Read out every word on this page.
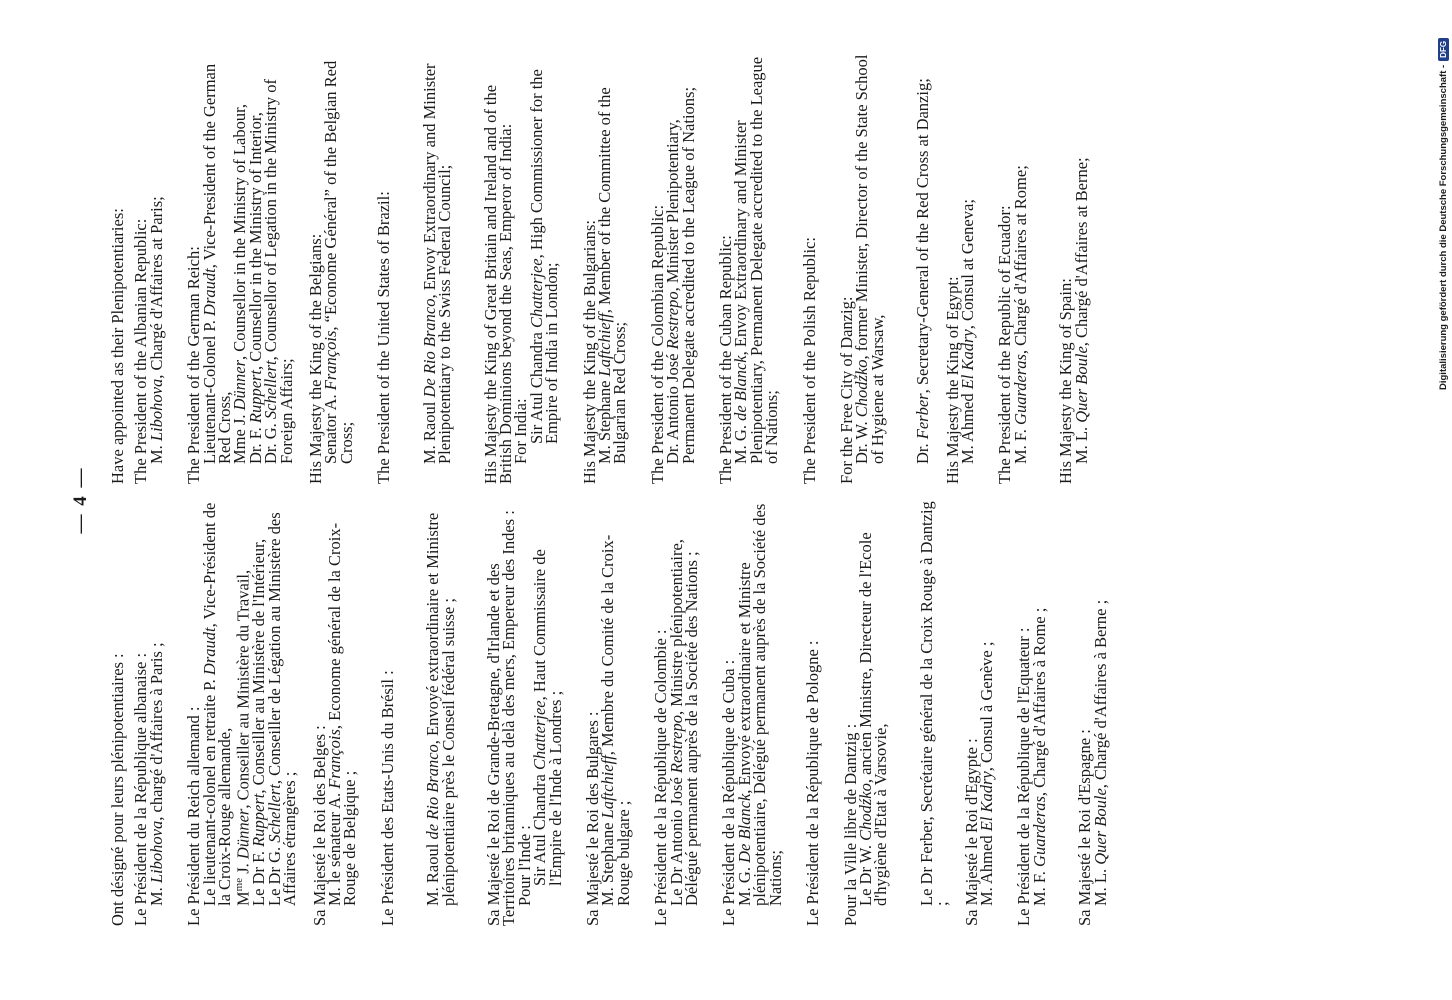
— 4 —
Ont désigné pour leurs plénipotentiaires : Le Président de la République albanaise :
M. Libohova, chargé d'Affaires à Paris ; Le Président du Reich allemand :
Le lieutenant-colonel en retraite P. Draudt, Vice-Président de la Croix-Rouge allemande, $M^{me}$ J. Dünner, Conseiller au Ministère du Travail,
Le Dr F. Ruppert, Conseiller au Ministère de l'Intérieur,
Le Dr G. Schellert, Conseiller de Légation au Ministère des Affaires étrangères ; Sa Majesté le Roi des Belges :
M. le sénateur A. François, Econome général de la Croix-Rouge de Belgique ; Le Président des Etats-Unis du Brésil : M. Raoul de Rio Branco, Envoyé extraordinaire et Ministre plénipotentiaire près le Conseil fédéral suisse ; Sa Majesté le Roi de Grande-Bretagne, d'Irlande et des Territoires britanniques au delà des mers, Empereur des Indes :
Pour l'Inde :
Sir Atul Chandra Chatterjee, Haut Commissaire de l'Empire de l'Inde à Londres ; Sa Majesté le Roi des Bulgares :
M. Stephane Laftchieff, Membre du Comité de la Croix-Rouge bulgare ; Le Président de la République de Colombie :
Le Dr Antonio José Restrepo, Ministre plénipotentiaire, Délégué permanent auprès de la Société des Nations ; Le Président de la République de Cuba :
M. G. De Blanck, Envoyé extraordinaire et Ministre plénipotentiaire, Délégué permanent auprès de la Société des Nations; Le Président de la République de Pologne : Pour la Ville libre de Dantzig :
Le Dr W. Chodźko, ancien Ministre, Directeur de l'Ecole d'hygiène d'Etat à Varsovie, Le Dr Ferber, Secrétaire général de la Croix Rouge à Dantzig ; Sa Majesté le Roi d'Egypte :
M. Ahmed El Kadry, Consul à Genève ; Le Président de la République de l'Equateur :
M. F. Guarderas, Chargé d'Affaires à Rome ;
Sa Majesté le Roi d'Espagne :
M. L. Quer Boule, Chargé d'Affaires à Berne ;
Have appointed as their Plenipotentiaries: The President of the Albanian Republic:
M. Libohova, Chargé d'Affaires at Paris; The President of the German Reich:
Lieutenant-Colonel P. Draudt, Vice-President of the German Red Cross,
Mme J. Dünner, Counsellor in the Ministry of Labour,
Dr. F. Ruppert, Counsellor in the Ministry of Interior,
Dr. G. Schellert, Counsellor of Legation in the Ministry of Foreign Affairs; His Majesty the King of the Belgians:
Senator A. François, “Econome Général” of the Belgian Red Cross; The President of the United States of Brazil: M. Raoul De Rio Branco, Envoy Extraordinary and Minister Plenipotentiary to the Swiss Federal Council; His Majesty the King of Great Britain and Ireland and of the British Dominions beyond the Seas, Emperor of India:
For India:
Sir Atul Chandra Chatterjee, High Commissioner for the Empire of India in London; His Majesty the King of the Bulgarians:
M. Stephane Laftchieff, Member of the Committee of the Bulgarian Red Cross; The President of the Colombian Republic:
Dr. Antonio José Restrepo, Minister Plenipotentiary, Permanent Delegate accredited to the League of Nations; The President of the Cuban Republic:
M. G. de Blanck, Envoy Extraordinary and Minister Plenipotentiary, Permanent Delegate accredited to the League of Nations; The President of the Polish Republic: For the Free City of Danzig:
Dr. W. Chodźko, former Minister, Director of the State School of Hygiene at Warsaw, Dr. Ferber, Secretary-General of the Red Cross at Danzig; His Majesty the King of Egypt:
M. Ahmed El Kadry, Consul at Geneva; The President of the Republic of Ecuador:
M. F. Guarderas, Chargé d'Affaires at Rome;
His Majesty the King of Spain:
M. L. Quer Boule, Chargé d'Affaires at Berne;	Digitalisierung gefördert durch die Deutsche Forschungsgemeinschaft -
DFG
